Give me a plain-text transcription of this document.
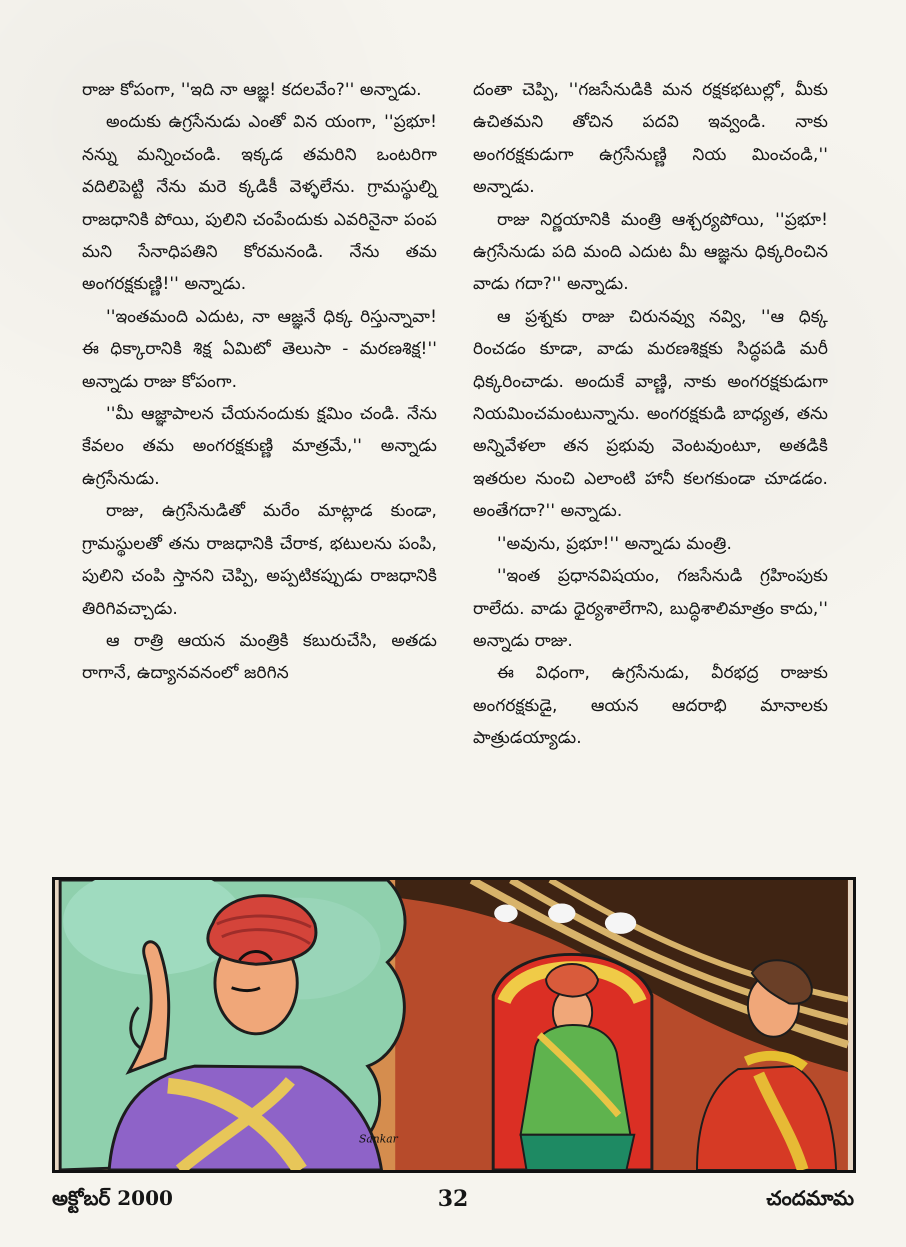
రాజు కోపంగా, ''ఇది నా ఆజ్ఞ! కదలవేం?'' అన్నాడు.

అందుకు ఉగ్రసేనుడు ఎంతో విన యంగా, ''ప్రభూ! నన్ను మన్నించండి. ఇక్కడ తమరిని ఒంటరిగా వదిలిపెట్టి నేను మరె క్కడికీ వెళ్ళలేను. గ్రామస్థుల్ని రాజధానికి పోయి, పులిని చంపేందుకు ఎవరినైనా పంప మని సేనాధిపతిని కోరమనండి. నేను తమ అంగరక్షకుణ్ణి!'' అన్నాడు.

''ఇంతమంది ఎదుట, నా ఆజ్ఞనే ధిక్క రిస్తున్నావా! ఈ ధిక్కారానికి శిక్ష ఏమిటో తెలుసా - మరణశిక్ష!'' అన్నాడు రాజు కోపంగా.

''మీ ఆజ్ఞాపాలన చేయనందుకు క్షమిం చండి. నేను కేవలం తమ అంగరక్షకుణ్ణి మాత్రమే,'' అన్నాడు ఉగ్రసేనుడు.

రాజు, ఉగ్రసేనుడితో మరేం మాట్లాడ కుండా, గ్రామస్థులతో తను రాజధానికి చేరాక, భటులను పంపి, పులిని చంపి స్తానని చెప్పి, అప్పటికప్పుడు రాజధానికి తిరిగివచ్చాడు.

ఆ రాత్రి ఆయన మంత్రికి కబురుచేసి, అతడు రాగానే, ఉద్యానవనంలో జరిగిన

దంతా చెప్పి, ''గజసేనుడికి మన రక్షకభటుల్లో, మీకు ఉచితమని తోచిన పదవి ఇవ్వండి. నాకు అంగరక్షకుడుగా ఉగ్రసేనుణ్ణి నియ మించండి,'' అన్నాడు.

రాజు నిర్ణయానికి మంత్రి ఆశ్చర్యపోయి, ''ప్రభూ! ఉగ్రసేనుడు పది మంది ఎదుట మీ ఆజ్ఞను ధిక్కరించిన వాడు గదా?'' అన్నాడు.

ఆ ప్రశ్నకు రాజు చిరునవ్వు నవ్వి, ''ఆ ధిక్క రించడం కూడా, వాడు మరణశిక్షకు సిద్ధపడి మరీ ధిక్కరించాడు. అందుకే వాణ్ణి, నాకు అంగరక్షకుడుగా నియమించమంటున్నాను. అంగరక్షకుడి బాధ్యత, తను అన్నివేళలా తన ప్రభువు వెంటవుంటూ, అతడికి ఇతరుల నుంచి ఎలాంటి హానీ కలగకుండా చూడడం. అంతేగదా?'' అన్నాడు.

''అవును, ప్రభూ!'' అన్నాడు మంత్రి.

''ఇంత ప్రధానవిషయం, గజసేనుడి గ్రహింపుకు రాలేదు. వాడు ధైర్యశాలేగాని, బుద్ధిశాలిమాత్రం కాదు,'' అన్నాడు రాజు.

ఈ విధంగా, ఉగ్రసేనుడు, వీరభద్ర రాజుకు అంగరక్షకుడై, ఆయన ఆదరాభి మానాలకు పాత్రుడయ్యాడు.

Sankar
అక్టోబర్ 2000	32	చందమామ
